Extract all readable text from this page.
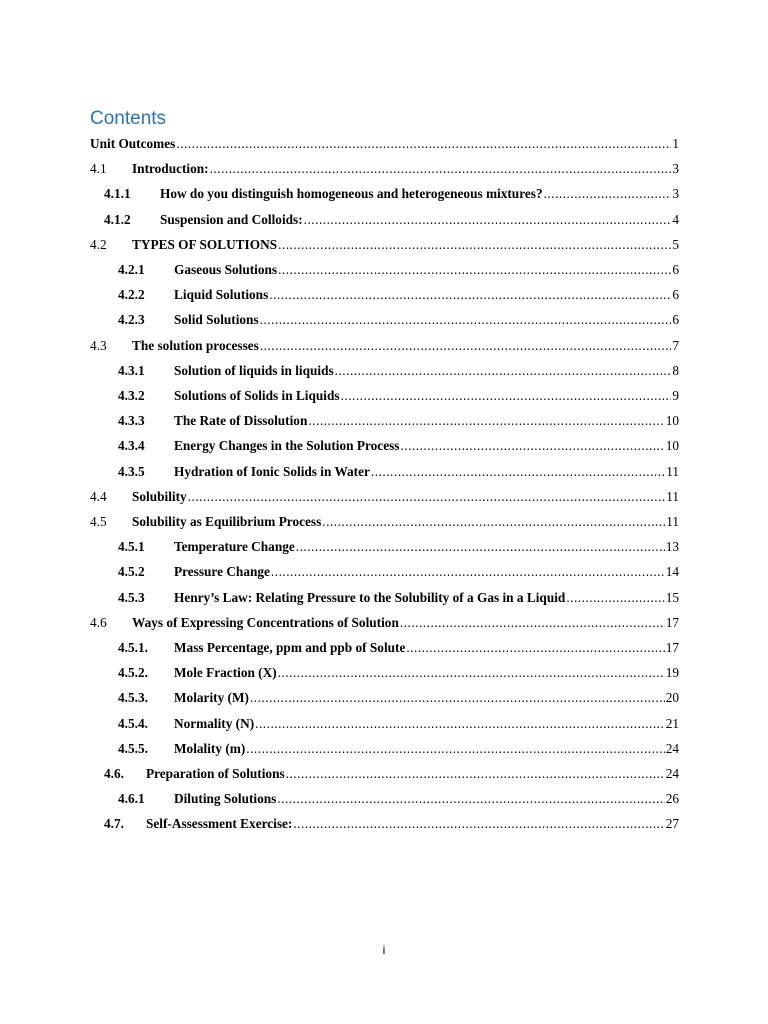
Contents
Unit Outcomes .....	1
4.1	Introduction: .....	3
4.1.1	How do you distinguish homogeneous and heterogeneous mixtures? .....	3
4.1.2	Suspension and Colloids: .....	4
4.2	TYPES OF SOLUTIONS .....	5
4.2.1	Gaseous Solutions .....	6
4.2.2	Liquid Solutions .....	6
4.2.3	Solid Solutions .....	6
4.3	The solution processes .....	7
4.3.1	Solution of liquids in liquids .....	8
4.3.2	Solutions of Solids in Liquids .....	9
4.3.3	The Rate of Dissolution .....	10
4.3.4	Energy Changes in the Solution Process .....	10
4.3.5	Hydration of Ionic Solids in Water .....	11
4.4	Solubility .....	11
4.5	Solubility as Equilibrium Process .....	11
4.5.1	Temperature Change .....	13
4.5.2	Pressure Change .....	14
4.5.3	Henry’s Law: Relating Pressure to the Solubility of a Gas in a Liquid .....	15
4.6	Ways of Expressing Concentrations of Solution .....	17
4.5.1.	Mass Percentage, ppm and ppb of Solute .....	17
4.5.2.	Mole Fraction (X) .....	19
4.5.3.	Molarity (M) .....	20
4.5.4.	Normality (N) .....	21
4.5.5.	Molality (m) .....	24
4.6.	Preparation of Solutions .....	24
4.6.1	Diluting Solutions .....	26
4.7.	Self-Assessment Exercise: .....	27
i
